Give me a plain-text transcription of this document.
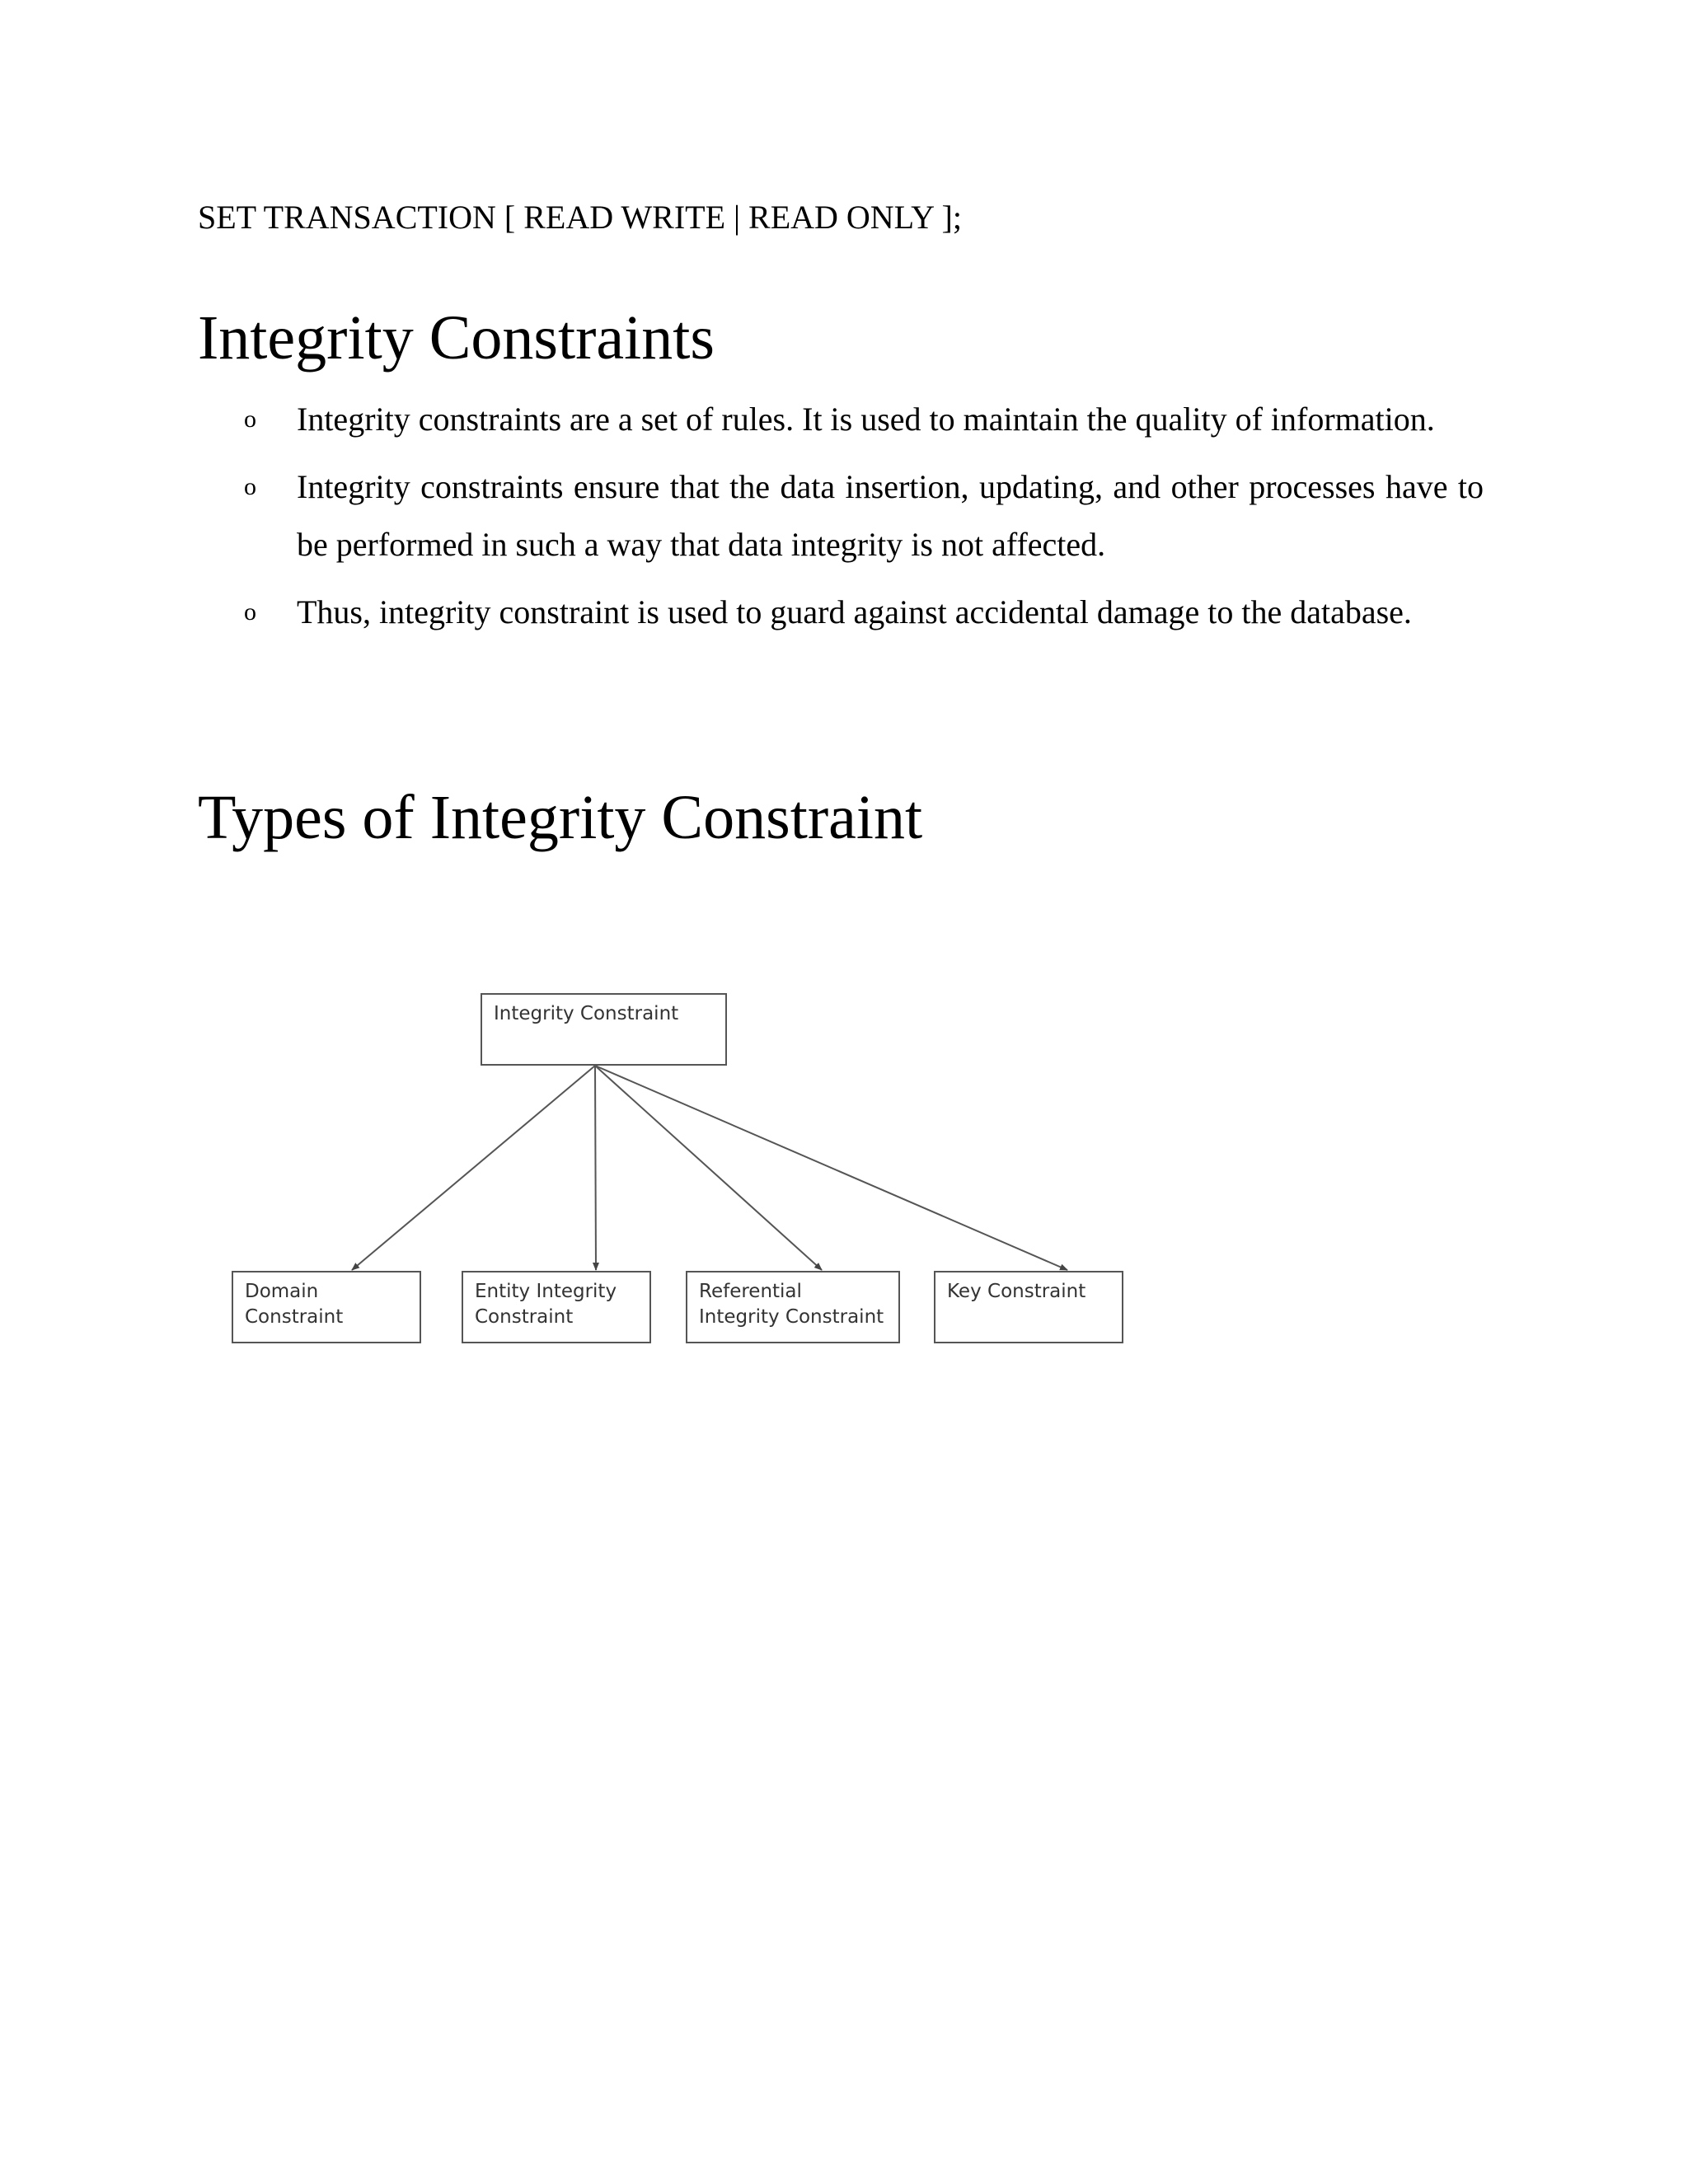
SET TRANSACTION [ READ WRITE | READ ONLY ];

Integrity Constraints
o Integrity constraints are a set of rules. It is used to maintain the quality of information.
o Integrity constraints ensure that the data insertion, updating, and other processes have to be performed in such a way that data integrity is not affected.
o Thus, integrity constraint is used to guard against accidental damage to the database.
Types of Integrity Constraint
Integrity Constraint
Domain
Constraint
Entity Integrity
Constraint
Referential
Integrity Constraint
Key Constraint
